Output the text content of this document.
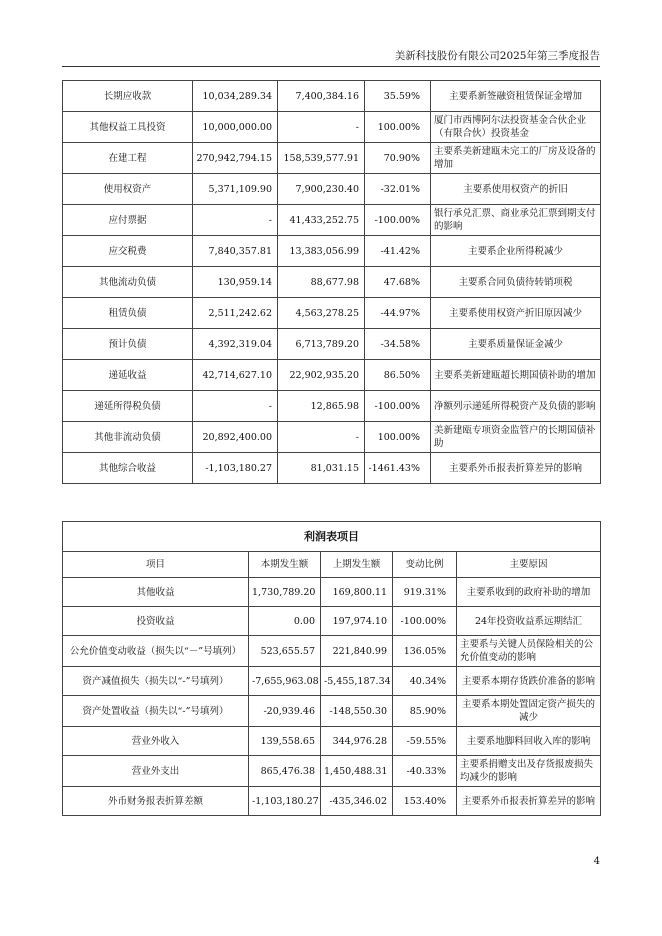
美新科技股份有限公司2025年第三季度报告
长期应收款	10,034,289.34	7,400,384.16	35.59%	主要系新签融资租赁保证金增加
其他权益工具投资	10,000,000.00	-	100.00%	厦门市西博阿尔法投资基金合伙企业（有限合伙）投资基金
在建工程	270,942,794.15	158,539,577.91	70.90%	主要系美新建瓯未完工的厂房及设备的增加
使用权资产	5,371,109.90	7,900,230.40	-32.01%	主要系使用权资产的折旧
应付票据	-	41,433,252.75	-100.00%	银行承兑汇票、商业承兑汇票到期支付的影响
应交税费	7,840,357.81	13,383,056.99	-41.42%	主要系企业所得税减少
其他流动负债	130,959.14	88,677.98	47.68%	主要系合同负债待转销项税
租赁负债	2,511,242.62	4,563,278.25	-44.97%	主要系使用权资产折旧原因减少
预计负债	4,392,319.04	6,713,789.20	-34.58%	主要系质量保证金减少
递延收益	42,714,627.10	22,902,935.20	86.50%	主要系美新建瓯超长期国债补助的增加
递延所得税负债	-	12,865.98	-100.00%	净额列示递延所得税资产及负债的影响
其他非流动负债	20,892,400.00	-	100.00%	美新建瓯专项资金监管户的长期国债补助
其他综合收益	-1,103,180.27	81,031.15	-1461.43%	主要系外币报表折算差异的影响
利润表项目				
项目	本期发生额	上期发生额	变动比例	主要原因
其他收益	1,730,789.20	169,800.11	919.31%	主要系收到的政府补助的增加
投资收益	0.00	197,974.10	-100.00%	24年投资收益系远期结汇
公允价值变动收益（损失以“－”号填列）	523,655.57	221,840.99	136.05%	主要系与关键人员保险相关的公允价值变动的影响
资产减值损失（损失以“-”号填列）	-7,655,963.08	-5,455,187.34	40.34%	主要系本期存货跌价准备的影响
资产处置收益（损失以“-”号填列）	-20,939.46	-148,550.30	85.90%	主要系本期处置固定资产损失的减少
营业外收入	139,558.65	344,976.28	-59.55%	主要系地脚料回收入库的影响
营业外支出	865,476.38	1,450,488.31	-40.33%	主要系捐赠支出及存货报废损失均减少的影响
外币财务报表折算差额	-1,103,180.27	-435,346.02	153.40%	主要系外币报表折算差异的影响
4
